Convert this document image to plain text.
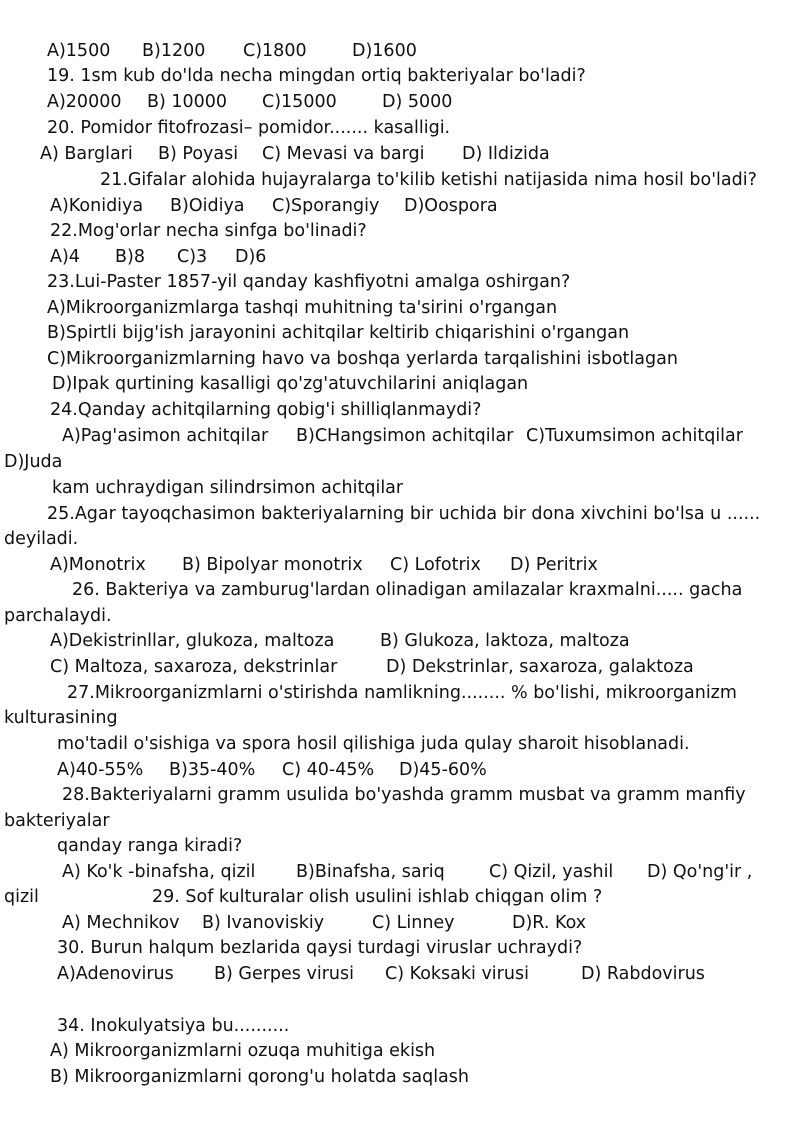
A)1500 B)1200 C)1800	D)1600
19. 1sm kub do'lda necha mingdan ortiq bakteriyalar bo'ladi?
A)20000 B) 10000 C)15000	D) 5000
20. Pomidor fitofrozasi– pomidor....... kasalligi.
A) Barglari B) Poyasi C) Mevasi va bargi D) Ildizida
21.Gifalar alohida hujayralarga to'kilib ketishi natijasida nima hosil bo'ladi?
A)Konidiya B)Oidiya C)Sporangiy D)Oospora
22.Mog'orlar necha sinfga bo'linadi?
A)4 B)8 C)3 D)6
23.Lui-Paster 1857-yil qanday kashfiyotni amalga oshirgan?
A)Mikroorganizmlarga tashqi muhitning ta'sirini o'rgangan
B)Spirtli bijg'ish jarayonini achitqilar keltirib chiqarishini o'rgangan
C)Mikroorganizmlarning havo va boshqa yerlarda tarqalishini isbotlagan
D)Ipak qurtining kasalligi qo'zg'atuvchilarini aniqlagan
24.Qanday achitqilarning qobig'i shilliqlanmaydi?
A)Pag'asimon achitqilar B)CHangsimon achitqilar C)Tuxumsimon achitqilar
D)Juda
kam uchraydigan silindrsimon achitqilar
25.Agar tayoqchasimon bakteriyalarning bir uchida bir dona xivchini bo'lsa u ......
deyiladi.
A)Monotrix B) Bipolyar monotrix C) Lofotrix D) Peritrix
26. Bakteriya va zamburug'lardan olinadigan amilazalar kraxmalni..... gacha
parchalaydi.
A)Dekistrinllar, glukoza, maltoza	B) Glukoza, laktoza, maltoza
C) Maltoza, saxaroza, dekstrinlar	D) Dekstrinlar, saxaroza, galaktoza
27.Mikroorganizmlarni o'stirishda namlikning........ % bo'lishi, mikroorganizm
kulturasining
mo'tadil o'sishiga va spora hosil qilishiga juda qulay sharoit hisoblanadi.
A)40-55% B)35-40% C) 40-45% D)45-60%
28.Bakteriyalarni gramm usulida bo'yashda gramm musbat va gramm manfiy
bakteriyalar
qanday ranga kiradi?
A) Ko'k -binafsha, qizil B)Binafsha, sariq	C) Qizil, yashil D) Qo'ng'ir ,
qizil	29. Sof kulturalar olish usulini ishlab chiqgan olim ?
A) Mechnikov B) Ivanoviskiy	C) Linney	D)R. Kox
30. Burun halqum bezlarida qaysi turdagi viruslar uchraydi?
A)Adenovirus B) Gerpes virusi C) Koksaki virusi	D) Rabdovirus
34. Inokulyatsiya bu..........
A) Mikroorganizmlarni ozuqa muhitiga ekish
B) Mikroorganizmlarni qorong'u holatda saqlash
